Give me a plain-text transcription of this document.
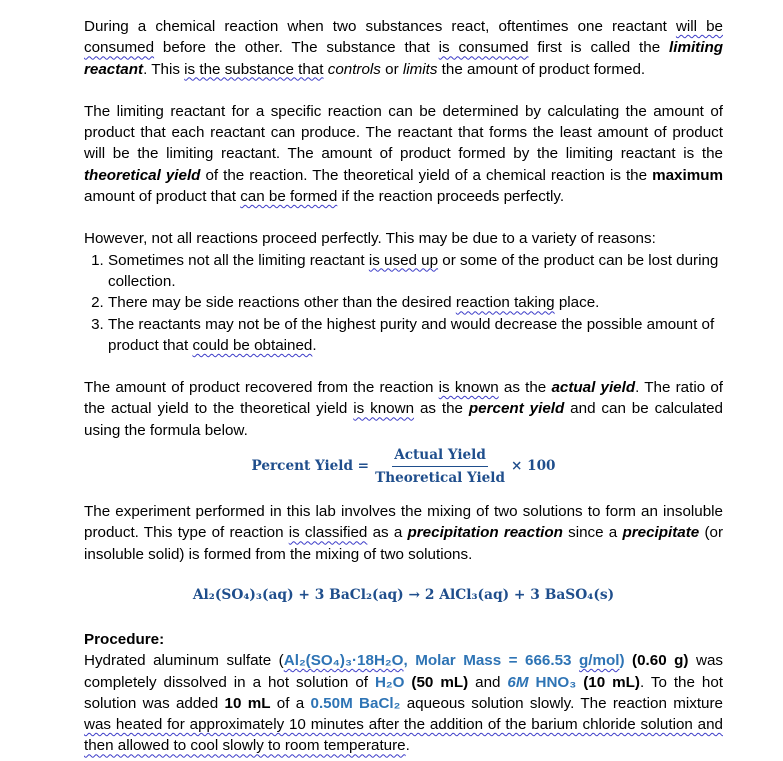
During a chemical reaction when two substances react, oftentimes one reactant will be consumed before the other. The substance that is consumed first is called the limiting reactant. This is the substance that controls or limits the amount of product formed.

The limiting reactant for a specific reaction can be determined by calculating the amount of product that each reactant can produce. The reactant that forms the least amount of product will be the limiting reactant. The amount of product formed by the limiting reactant is the theoretical yield of the reaction. The theoretical yield of a chemical reaction is the maximum amount of product that can be formed if the reaction proceeds perfectly.

However, not all reactions proceed perfectly. This may be due to a variety of reasons:

1. Sometimes not all the limiting reactant is used up or some of the product can be lost during collection.
2. There may be side reactions other than the desired reaction taking place.
3. The reactants may not be of the highest purity and would decrease the possible amount of product that could be obtained.

The amount of product recovered from the reaction is known as the actual yield. The ratio of the actual yield to the theoretical yield is known as the percent yield and can be calculated using the formula below.

Percent Yield = $\frac{\text{Actual Yield}}{\text{Theoretical Yield}} \times 100$

The experiment performed in this lab involves the mixing of two solutions to form an insoluble product. This type of reaction is classified as a precipitation reaction since a precipitate (or insoluble solid) is formed from the mixing of two solutions.

Al₂(SO₄)₃(aq) + 3 BaCl₂(aq) → 2 AlCl₃(aq) + 3 BaSO₄(s)

Procedure:

Hydrated aluminum sulfate (Al₂(SO₄)₃·18H₂O, Molar Mass = 666.53 g/mol) (0.60 g) was completely dissolved in a hot solution of H₂O (50 mL) and 6M HNO₃ (10 mL). To the hot solution was added 10 mL of a 0.50M BaCl₂ aqueous solution slowly. The reaction mixture was heated for approximately 10 minutes after the addition of the barium chloride solution and then allowed to cool slowly to room temperature.
